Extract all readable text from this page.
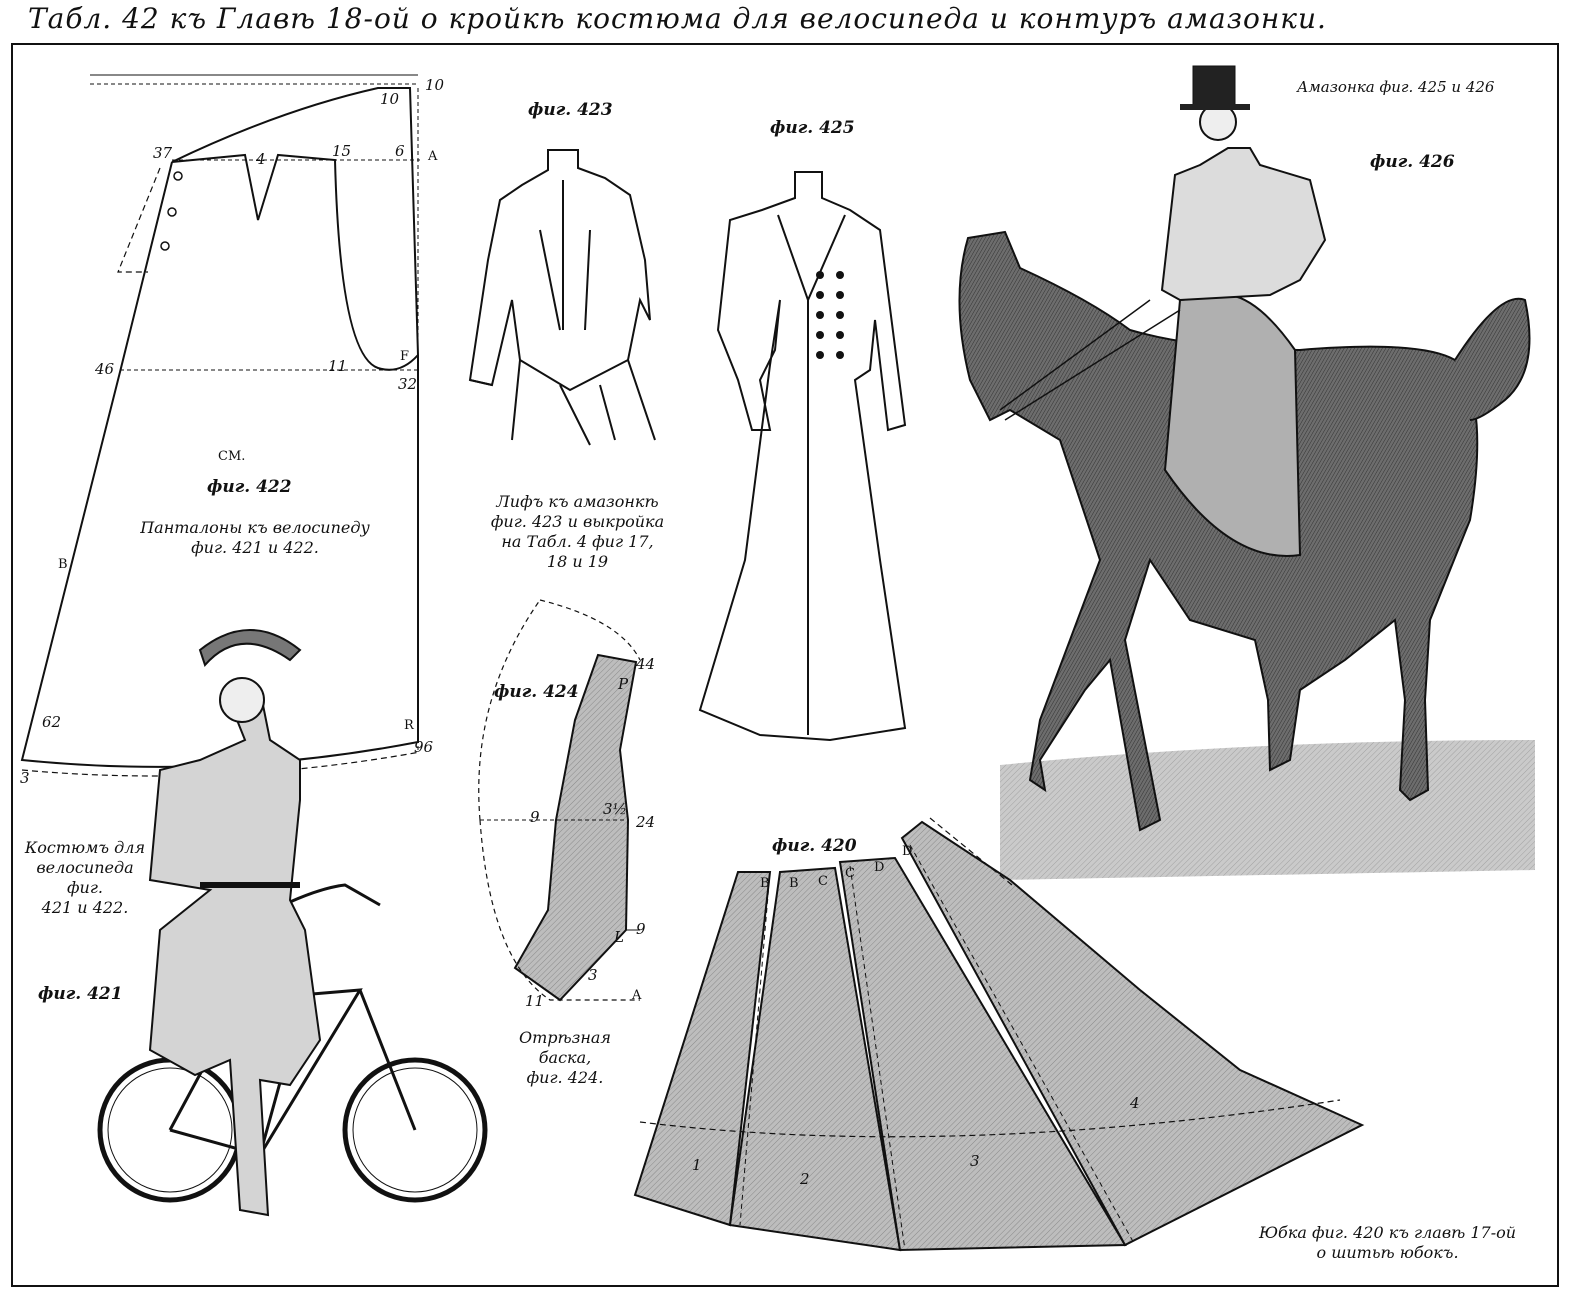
Табл. 42 къ Главѣ 18-ой о кройкѣ костюма для велосипеда и контуръ амазонки.
10
10
37	4	15	6 A
46	11
F
32
B
62	R
96
3
CM.
фиг. 422
Панталоны къ велосипеду
фиг. 421 и 422.
фиг. 423
Лифъ къ амазонкѣ
фиг. 423 и выкройка
на Табл. 4 фиг 17,
18 и 19
фиг. 425
Амазонка фиг. 425 и 426
фиг. 426
фиг. 424
44
P
24
3½
9
9
L
3
A
11
Отрѣзная баска,
фиг. 424.
Костюмъ для
велосипеда фиг.
421 и 422.
фиг. 421
фиг. 420
B B C
C D
D
1
2
3
4
Юбка фиг. 420 къ главѣ 17-ой
о шитьѣ юбокъ.
